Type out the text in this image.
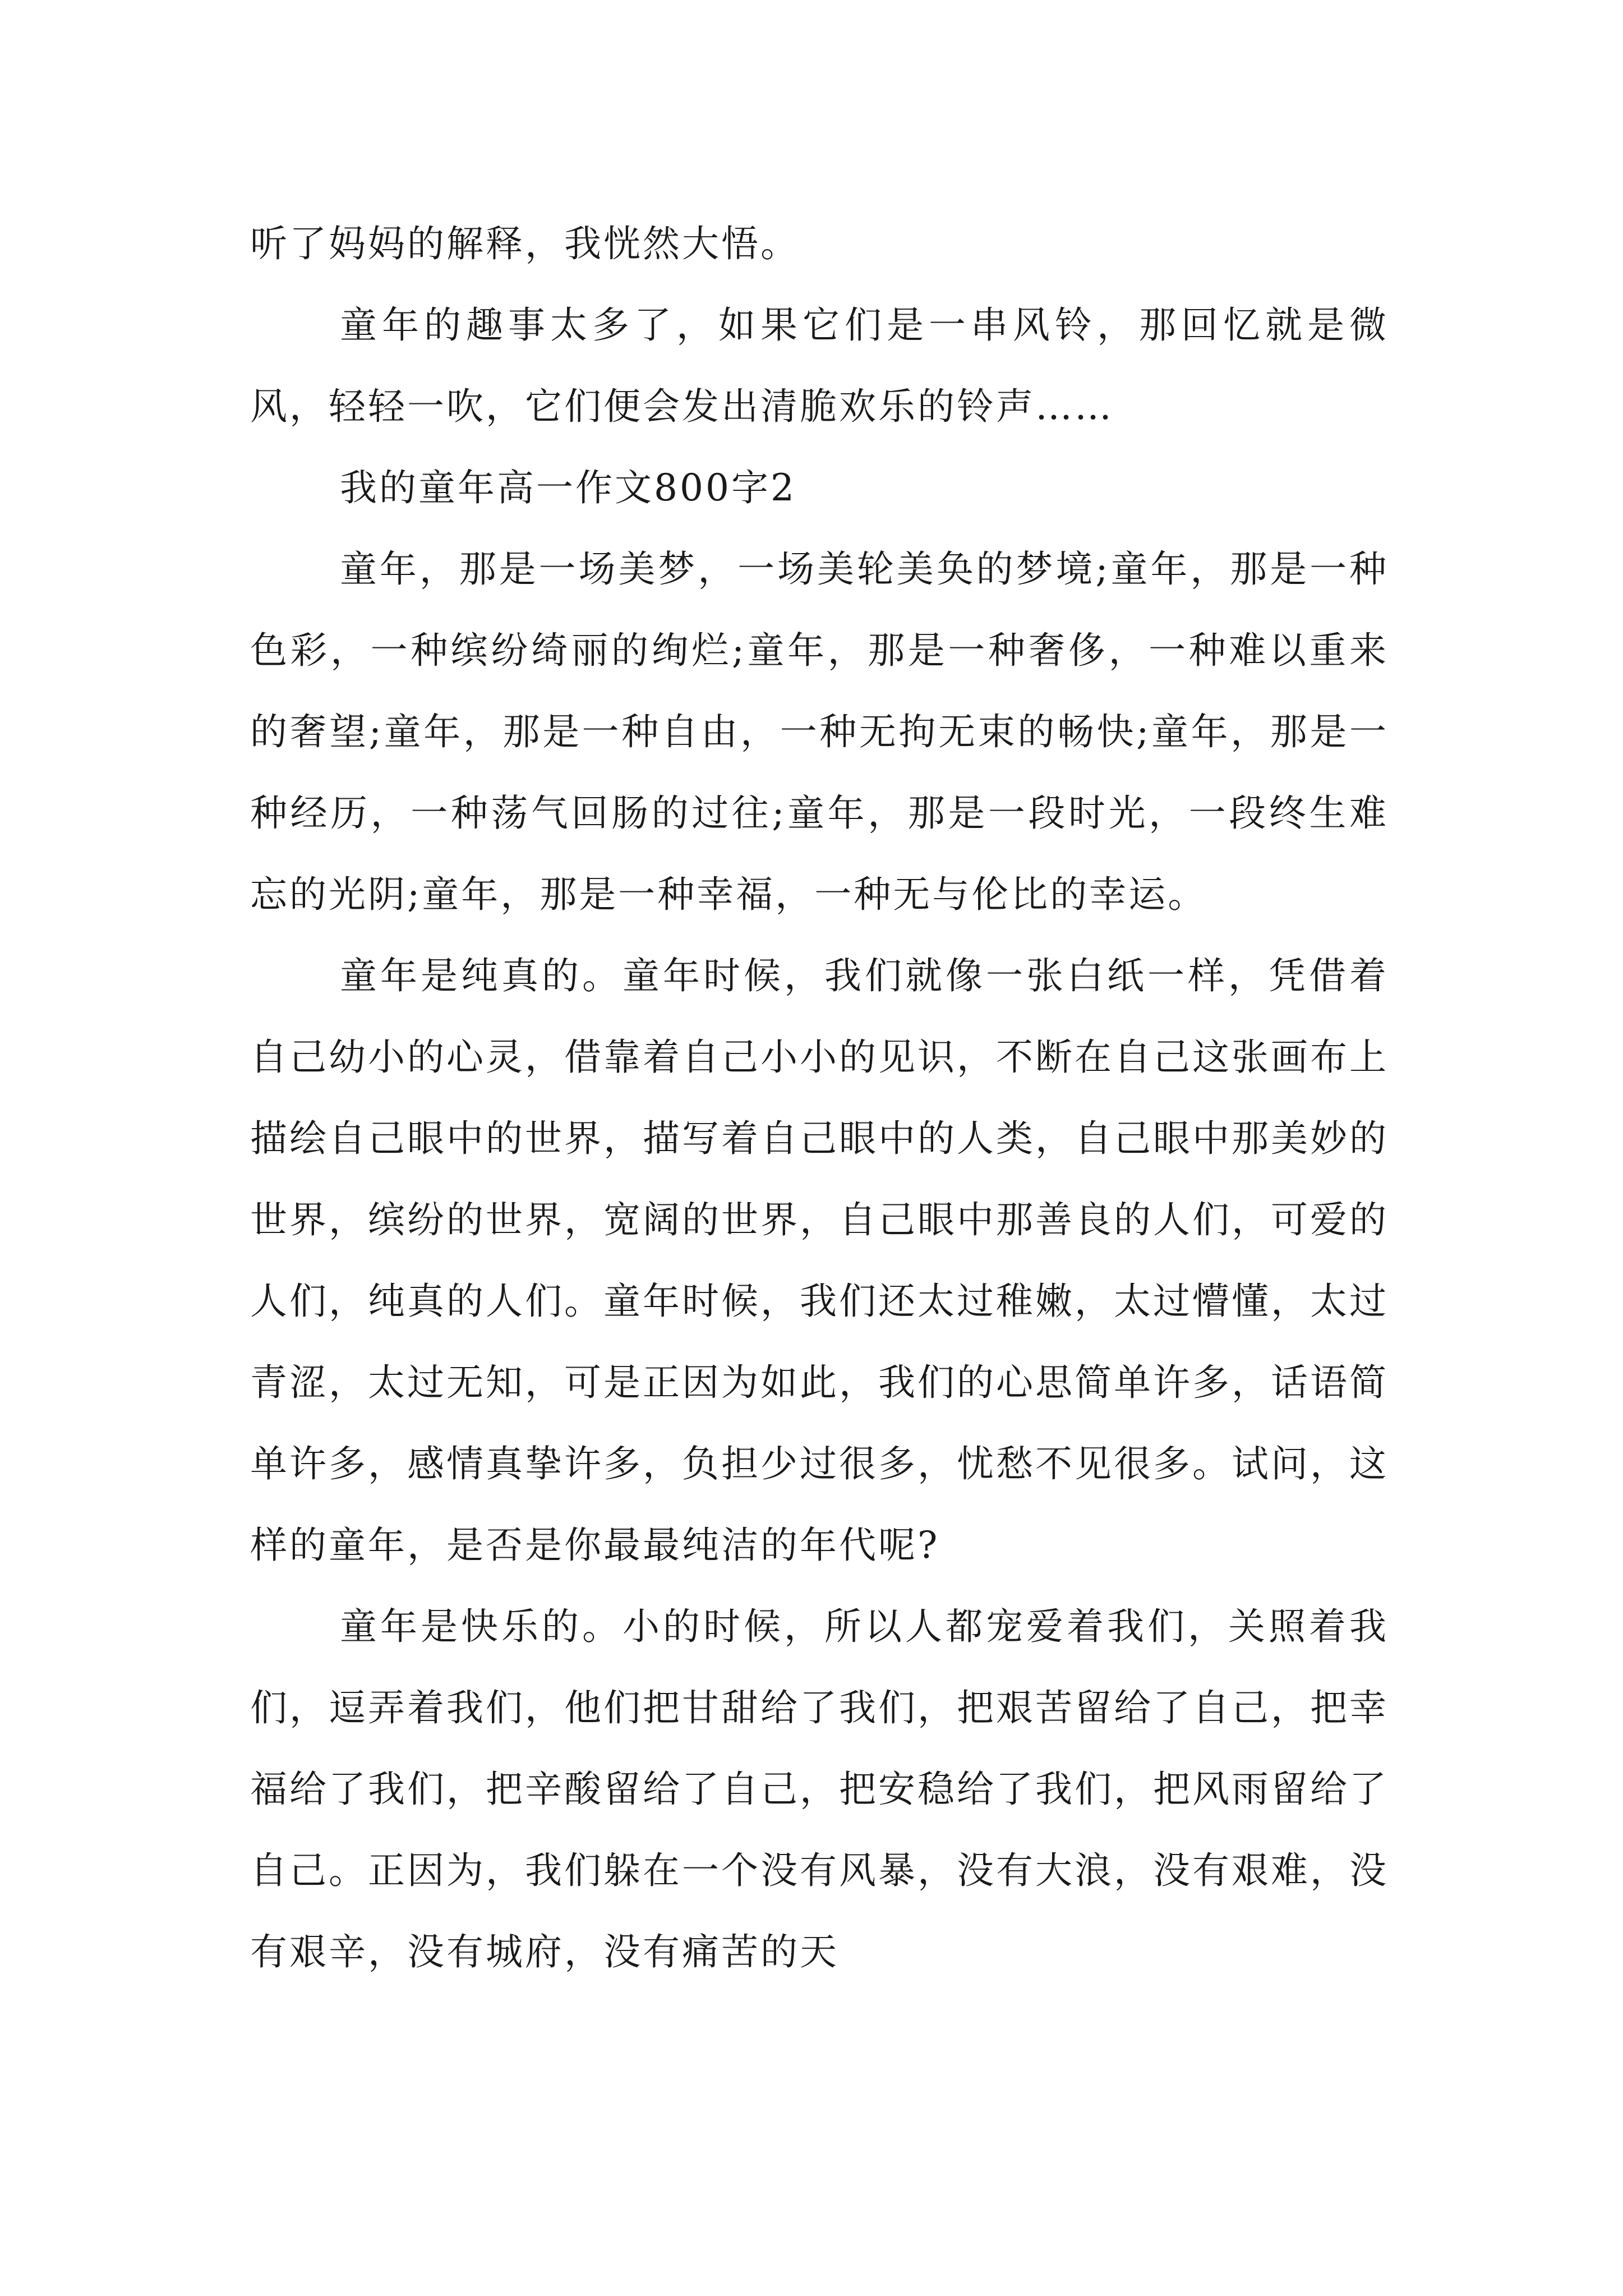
听了妈妈的解释，我恍然大悟。

童年的趣事太多了，如果它们是一串风铃，那回忆就是微风，轻轻一吹，它们便会发出清脆欢乐的铃声……

我的童年高一作文800字2

童年，那是一场美梦，一场美轮美奂的梦境;童年，那是一种色彩，一种缤纷绮丽的绚烂;童年，那是一种奢侈，一种难以重来的奢望;童年，那是一种自由，一种无拘无束的畅快;童年，那是一种经历，一种荡气回肠的过往;童年，那是一段时光，一段终生难忘的光阴;童年，那是一种幸福，一种无与伦比的幸运。

童年是纯真的。童年时候，我们就像一张白纸一样，凭借着自己幼小的心灵，借靠着自己小小的见识，不断在自己这张画布上描绘自己眼中的世界，描写着自己眼中的人类，自己眼中那美妙的世界，缤纷的世界，宽阔的世界，自己眼中那善良的人们，可爱的人们，纯真的人们。童年时候，我们还太过稚嫩，太过懵懂，太过青涩，太过无知，可是正因为如此，我们的心思简单许多，话语简单许多，感情真挚许多，负担少过很多，忧愁不见很多。试问，这样的童年，是否是你最最纯洁的年代呢?

童年是快乐的。小的时候，所以人都宠爱着我们，关照着我们，逗弄着我们，他们把甘甜给了我们，把艰苦留给了自己，把幸福给了我们，把辛酸留给了自己，把安稳给了我们，把风雨留给了自己。正因为，我们躲在一个没有风暴，没有大浪，没有艰难，没有艰辛，没有城府，没有痛苦的天
